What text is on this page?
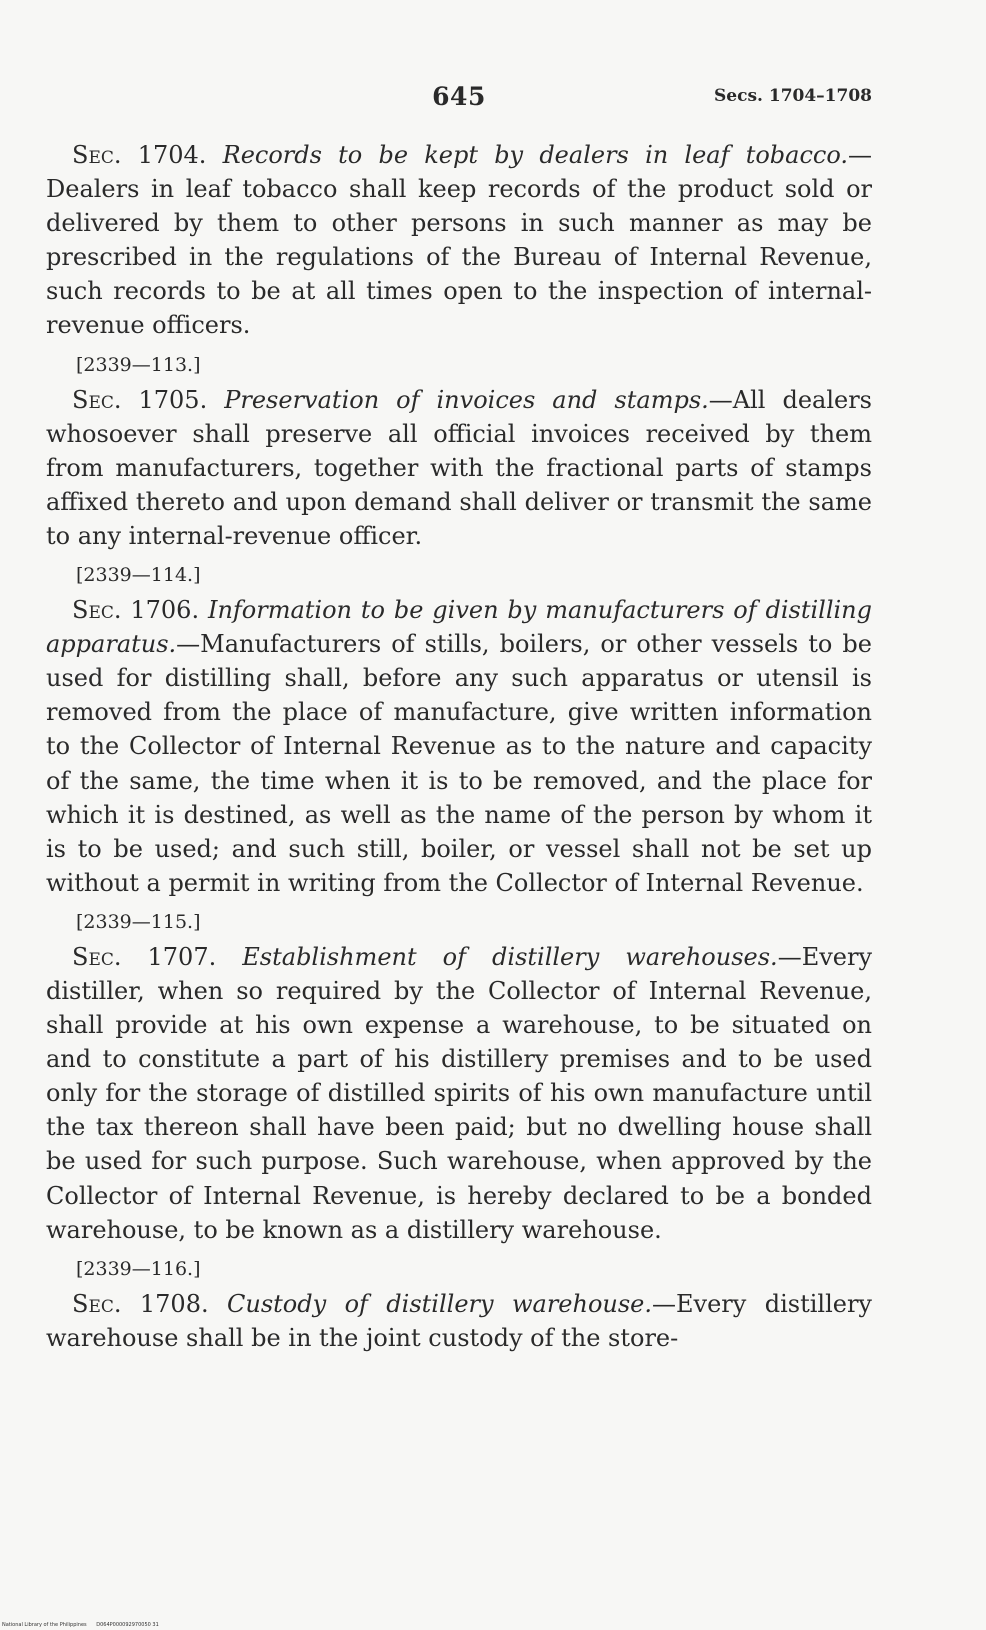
645	Secs. 1704–1708

Sec. 1704. Records to be kept by dealers in leaf tobacco.—Dealers in leaf tobacco shall keep records of the product sold or delivered by them to other persons in such manner as may be prescribed in the regulations of the Bureau of Internal Revenue, such records to be at all times open to the inspection of internal-revenue officers.

[2339—113.]

Sec. 1705. Preservation of invoices and stamps.—All dealers whosoever shall preserve all official invoices received by them from manufacturers, together with the fractional parts of stamps affixed thereto and upon demand shall deliver or transmit the same to any internal-revenue officer.

[2339—114.]

Sec. 1706. Information to be given by manufacturers of distilling apparatus.—Manufacturers of stills, boilers, or other vessels to be used for distilling shall, before any such apparatus or utensil is removed from the place of manufacture, give written information to the Collector of Internal Revenue as to the nature and capacity of the same, the time when it is to be removed, and the place for which it is destined, as well as the name of the person by whom it is to be used; and such still, boiler, or vessel shall not be set up without a permit in writing from the Collector of Internal Revenue.

[2339—115.]

Sec. 1707. Establishment of distillery warehouses.—Every distiller, when so required by the Collector of Internal Revenue, shall provide at his own expense a warehouse, to be situated on and to constitute a part of his distillery premises and to be used only for the storage of distilled spirits of his own manufacture until the tax thereon shall have been paid; but no dwelling house shall be used for such purpose. Such warehouse, when approved by the Collector of Internal Revenue, is hereby declared to be a bonded warehouse, to be known as a distillery warehouse.

[2339—116.]

Sec. 1708. Custody of distillery warehouse.—Every distillery warehouse shall be in the joint custody of the store-

National Library of the Philippines D064P000092970050 31
